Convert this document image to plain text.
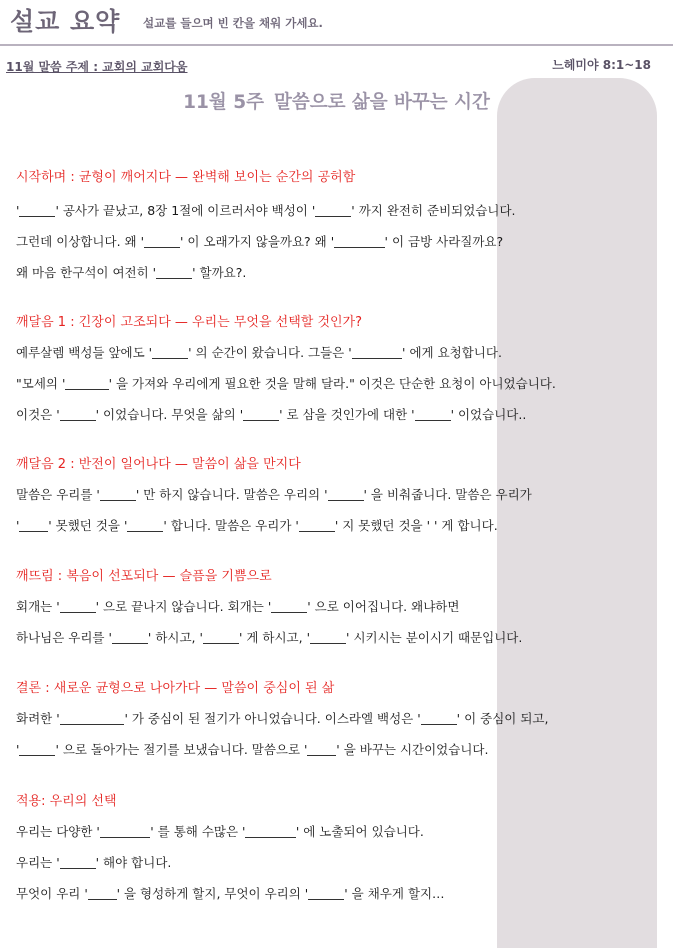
설교 요약 설교를 들으며 빈 칸을 채워 가세요.
11월 말씀 주제 : 교회의 교회다움	느헤미야 8:1~18
11월 5주 말씀으로 삶을 바꾸는 시간
시작하며 : 균형이 깨어지다 — 완벽해 보이는 순간의 공허함
'	' 공사가 끝났고, 8장 1절에 이르러서야 백성이 '	' 까지 완전히 준비되었습니다.
그런데 이상합니다. 왜 '	' 이 오래가지 않을까요? 왜 '	' 이 금방 사라질까요?
왜 마음 한구석이 여전히 '	' 할까요?.
깨달음 1 : 긴장이 고조되다 — 우리는 무엇을 선택할 것인가?
예루살렘 백성들 앞에도 '	' 의 순간이 왔습니다. 그들은 '	' 에게 요청합니다.
"모세의 '	' 을 가져와 우리에게 필요한 것을 말해 달라." 이것은 단순한 요청이 아니었습니다.
이것은 '	' 이었습니다. 무엇을 삶의 '	' 로 삼을 것인가에 대한 '	' 이었습니다..
깨달음 2 : 반전이 일어나다 — 말씀이 삶을 만지다
말씀은 우리를 '	' 만 하지 않습니다. 말씀은 우리의 '	' 을 비춰줍니다. 말씀은 우리가
' ' 못했던 것을 '	' 합니다. 말씀은 우리가 '	' 지 못했던 것을 ' ' 게 합니다.
깨뜨림 : 복음이 선포되다 — 슬픔을 기쁨으로
회개는 '	' 으로 끝나지 않습니다. 회개는 '	' 으로 이어집니다. 왜냐하면
하나님은 우리를 '	' 하시고, '	' 게 하시고, '	' 시키시는 분이시기 때문입니다.
결론 : 새로운 균형으로 나아가다 — 말씀이 중심이 된 삶
화려한 '	' 가 중심이 된 절기가 아니었습니다. 이스라엘 백성은 '	' 이 중심이 되고,
'	' 으로 돌아가는 절기를 보냈습니다. 말씀으로 ' ' 을 바꾸는 시간이었습니다.
적용: 우리의 선택
우리는 다양한 '	' 를 통해 수많은 '	' 에 노출되어 있습니다.
우리는 '	' 해야 합니다.
무엇이 우리 ' ' 을 형성하게 할지, 무엇이 우리의 '	' 을 채우게 할지…
